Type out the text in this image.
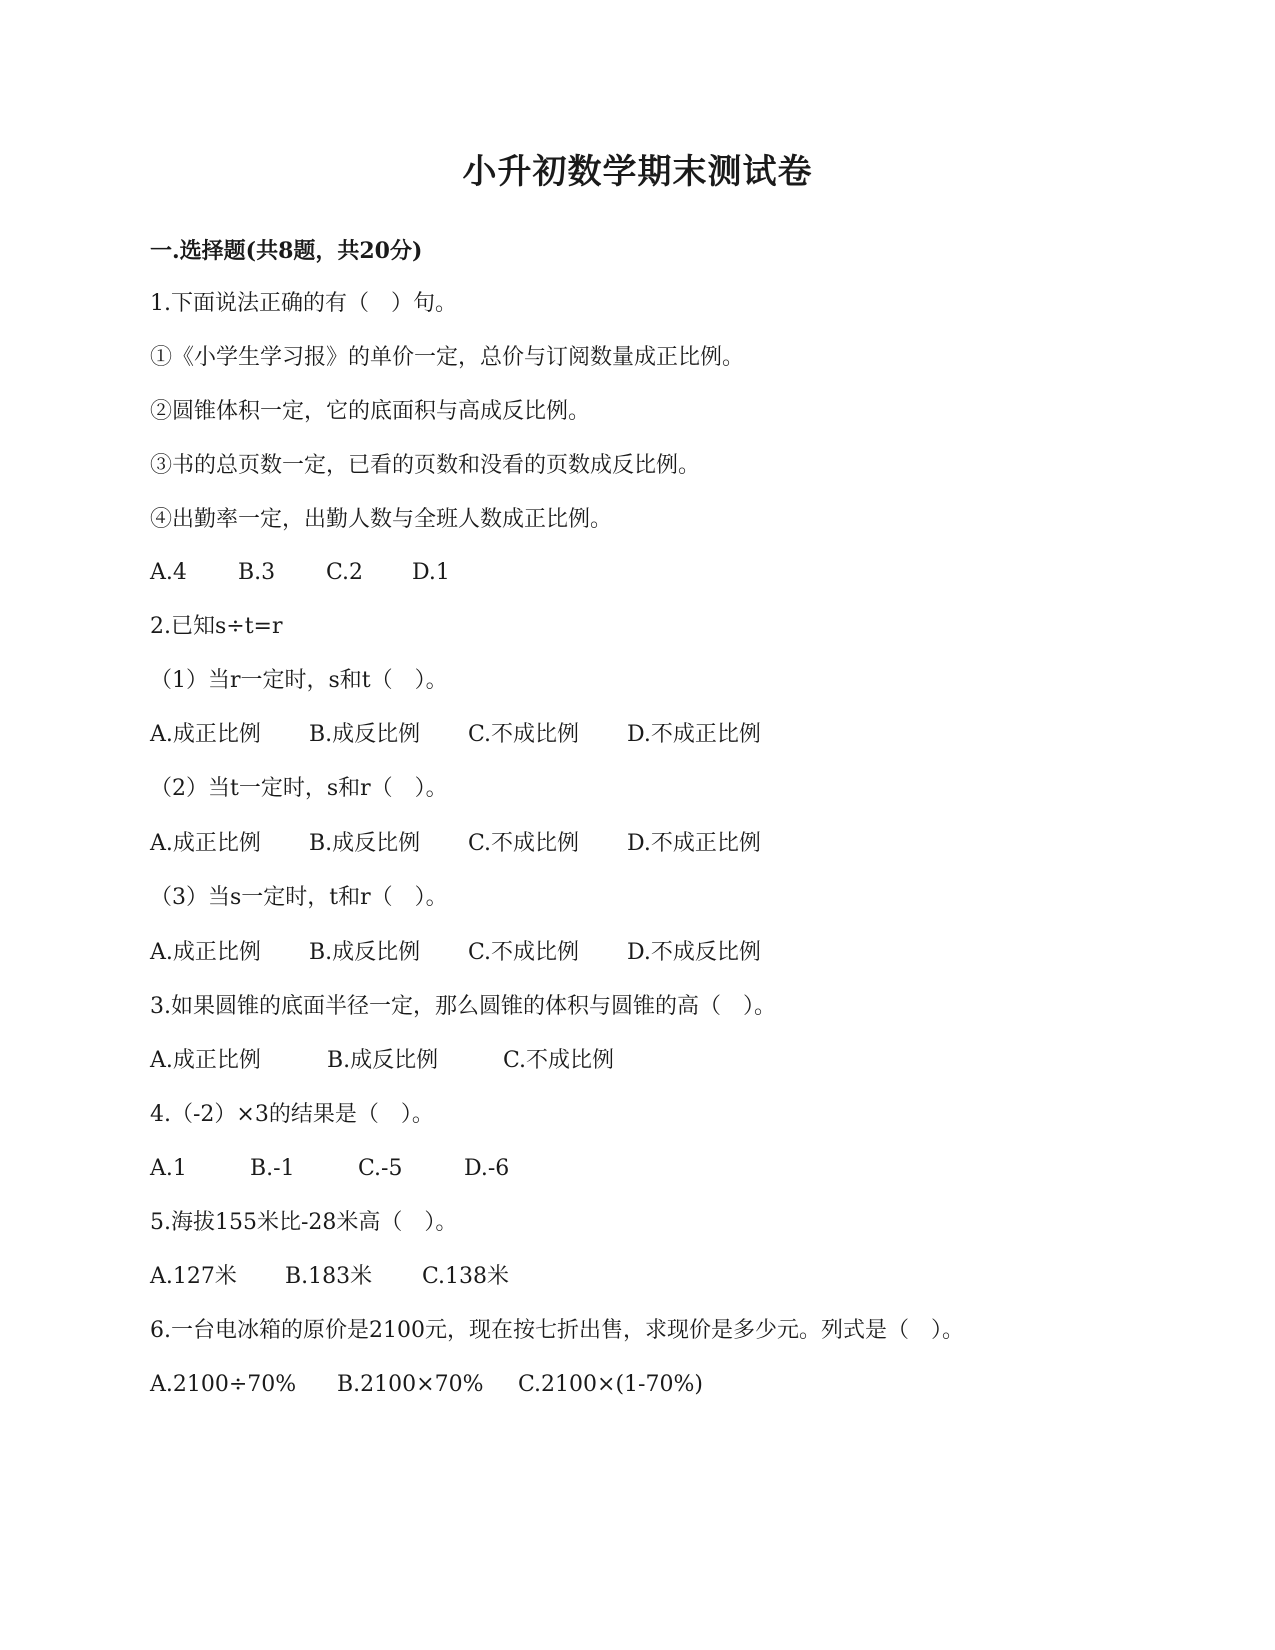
小升初数学期末测试卷
一.选择题(共8题，共20分)
1.下面说法正确的有（　）句。
①《小学生学习报》的单价一定，总价与订阅数量成正比例。
②圆锥体积一定，它的底面积与高成反比例。
③书的总页数一定，已看的页数和没看的页数成反比例。
④出勤率一定，出勤人数与全班人数成正比例。
A.4 B.3 C.2 D.1
2.已知s÷t=r
（1）当r一定时，s和t（　）。
A.成正比例 B.成反比例 C.不成比例 D.不成正比例
（2）当t一定时，s和r（　）。
A.成正比例 B.成反比例 C.不成比例 D.不成正比例
（3）当s一定时，t和r（　）。
A.成正比例 B.成反比例 C.不成比例 D.不成反比例
3.如果圆锥的底面半径一定，那么圆锥的体积与圆锥的高（　）。
A.成正比例	B.成反比例	C.不成比例
4.（-2）×3的结果是（　）。
A.1	B.-1	C.-5	D.-6
5.海拔155米比-28米高（　）。
A.127米 B.183米 C.138米
6.一台电冰箱的原价是2100元，现在按七折出售，求现价是多少元。列式是（　）。
A.2100÷70% B.2100×70% C.2100×(1-70%)
